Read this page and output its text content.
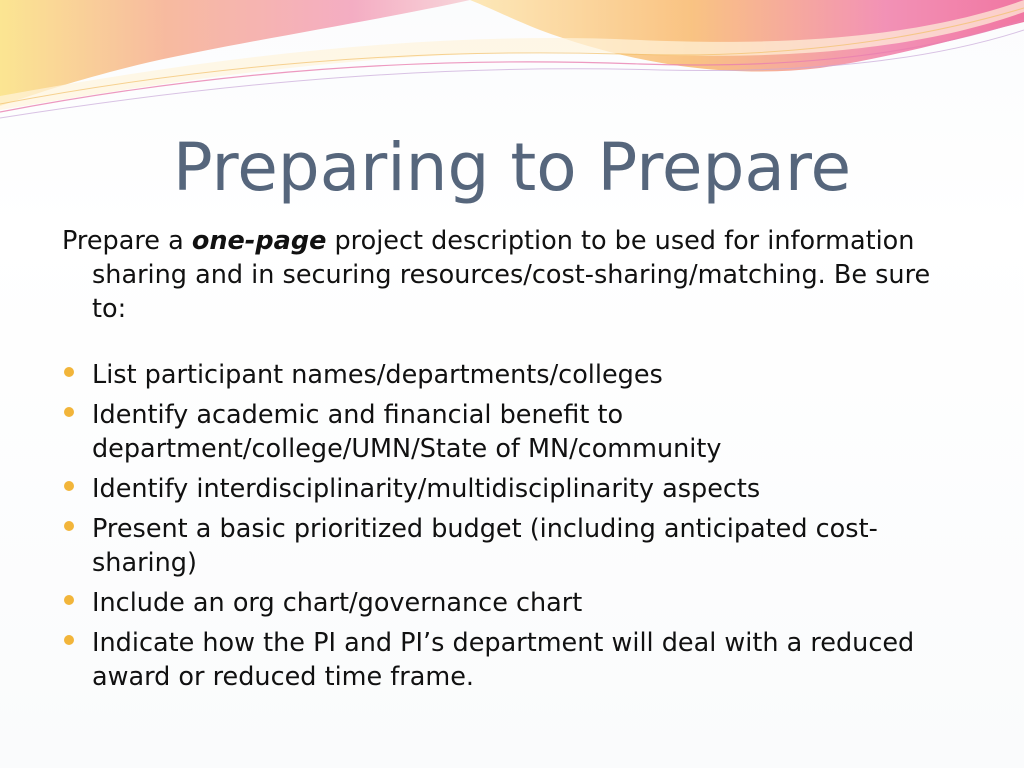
Preparing to Prepare

Prepare a one-page project description to be used for information sharing and in securing resources/cost-sharing/matching. Be sure to:

List participant names/departments/colleges
Identify academic and financial benefit to department/college/UMN/State of MN/community
Identify interdisciplinarity/multidisciplinarity aspects
Present a basic prioritized budget (including anticipated cost-sharing)
Include an org chart/governance chart
Indicate how the PI and PI’s department will deal with a reduced award or reduced time frame.
